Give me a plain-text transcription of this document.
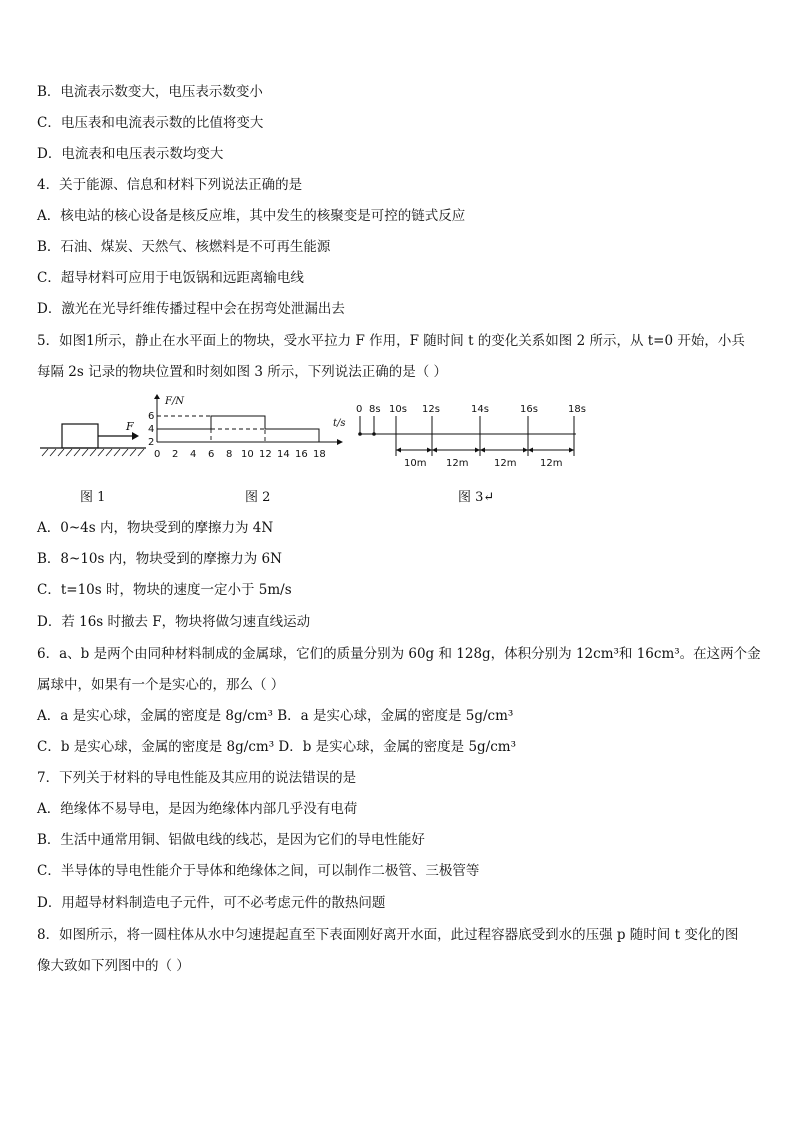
B．电流表示数变大，电压表示数变小
C．电压表和电流表示数的比值将变大
D．电流表和电压表示数均变大
4．关于能源、信息和材料下列说法正确的是
A．核电站的核心设备是核反应堆，其中发生的核聚变是可控的链式反应
B．石油、煤炭、天然气、核燃料是不可再生能源
C．超导材料可应用于电饭锅和远距离输电线
D．激光在光导纤维传播过程中会在拐弯处泄漏出去
5．如图1所示，静止在水平面上的物块，受水平拉力 F 作用，F 随时间 t 的变化关系如图 2 所示，从 t=0 开始，小兵
每隔 2s 记录的物块位置和时刻如图 3 所示，下列说法正确的是（ ）
F
图 1
F/N
t/s
2
4
6
0 2 4 6 8 10 12 14 16 18
图 2
0 8s 10s 12s	14s	16s	18s
10m 12m	12m 12m
图 3↵
A．0~4s 内，物块受到的摩擦力为 4N
B．8~10s 内，物块受到的摩擦力为 6N
C．t=10s 时，物块的速度一定小于 5m/s
D．若 16s 时撤去 F，物块将做匀速直线运动
6．a、b 是两个由同种材料制成的金属球，它们的质量分别为 60g 和 128g，体积分别为 12cm³和 16cm³。在这两个金
属球中，如果有一个是实心的，那么（ ）
A．a 是实心球，金属的密度是 8g/cm³ B．a 是实心球，金属的密度是 5g/cm³
C．b 是实心球，金属的密度是 8g/cm³ D．b 是实心球，金属的密度是 5g/cm³
7．下列关于材料的导电性能及其应用的说法错误的是
A．绝缘体不易导电，是因为绝缘体内部几乎没有电荷
B．生活中通常用铜、铝做电线的线芯，是因为它们的导电性能好
C．半导体的导电性能介于导体和绝缘体之间，可以制作二极管、三极管等
D．用超导材料制造电子元件，可不必考虑元件的散热问题
8．如图所示，将一圆柱体从水中匀速提起直至下表面刚好离开水面，此过程容器底受到水的压强 p 随时间 t 变化的图
像大致如下列图中的（ ）
